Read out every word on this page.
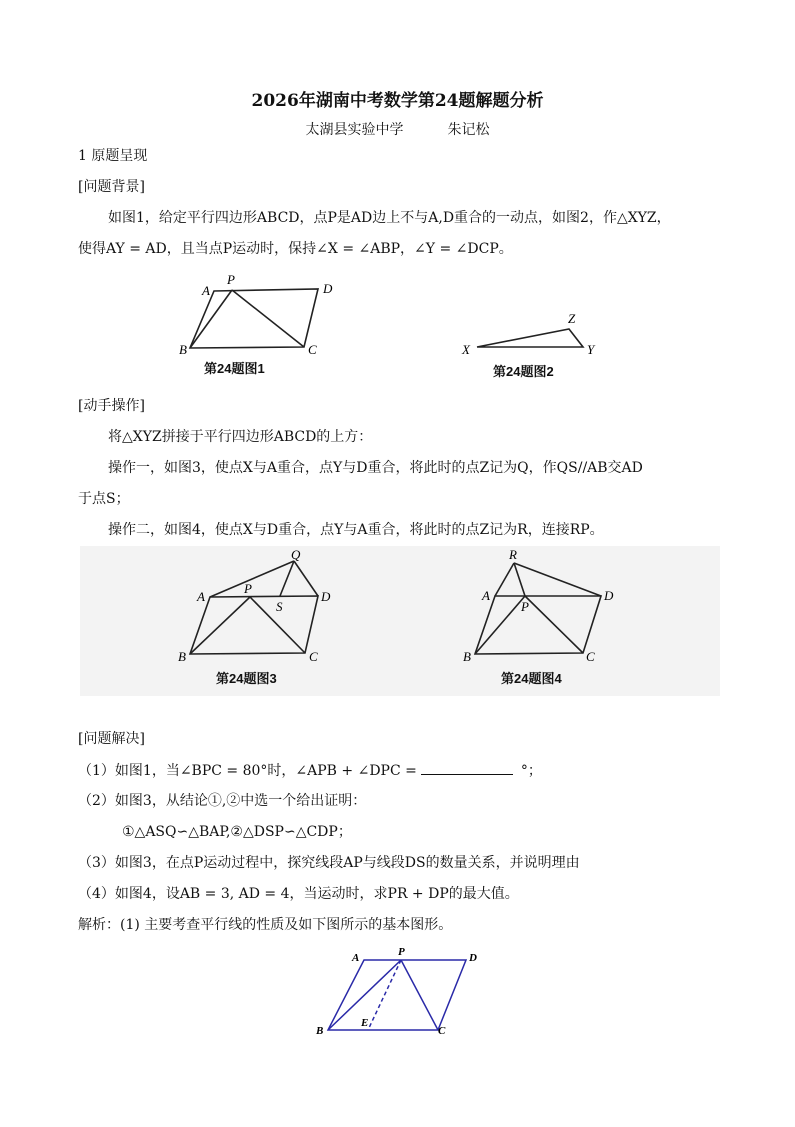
2026年湖南中考数学第24题解题分析
太湖县实验中学	朱记松
1 原题呈现
[问题背景]
如图1，给定平行四边形ABCD，点P是AD边上不与A,D重合的一动点，如图2，作△XYZ，
使得AY = AD，且当点P运动时，保持∠X = ∠ABP，∠Y = ∠DCP。
A
P
D
B	C
第24题图1
X	Y
Z
第24题图2
[动手操作]
将△XYZ拼接于平行四边形ABCD的上方：
操作一，如图3，使点X与A重合，点Y与D重合，将此时的点Z记为Q，作QS//AB交AD
于点S；
操作二，如图4，使点X与D重合，点Y与A重合，将此时的点Z记为R，连接RP。
Q
A
P
S
D
B	C
第24题图3
R
A
P
D
B	C
第24题图4
[问题解决]
（1）如图1，当∠BPC = 80°时，∠APB + ∠DPC =	°；
（2）如图3，从结论①,②中选一个给出证明：
①△ASQ∽△BAP,②△DSP∽△CDP；
（3）如图3，在点P运动过程中，探究线段AP与线段DS的数量关系，并说明理由
（4）如图4，设AB = 3, AD = 4，当运动时，求PR + DP的最大值。
解析：(1) 主要考查平行线的性质及如下图所示的基本图形。
A	P	D
B
E
C
